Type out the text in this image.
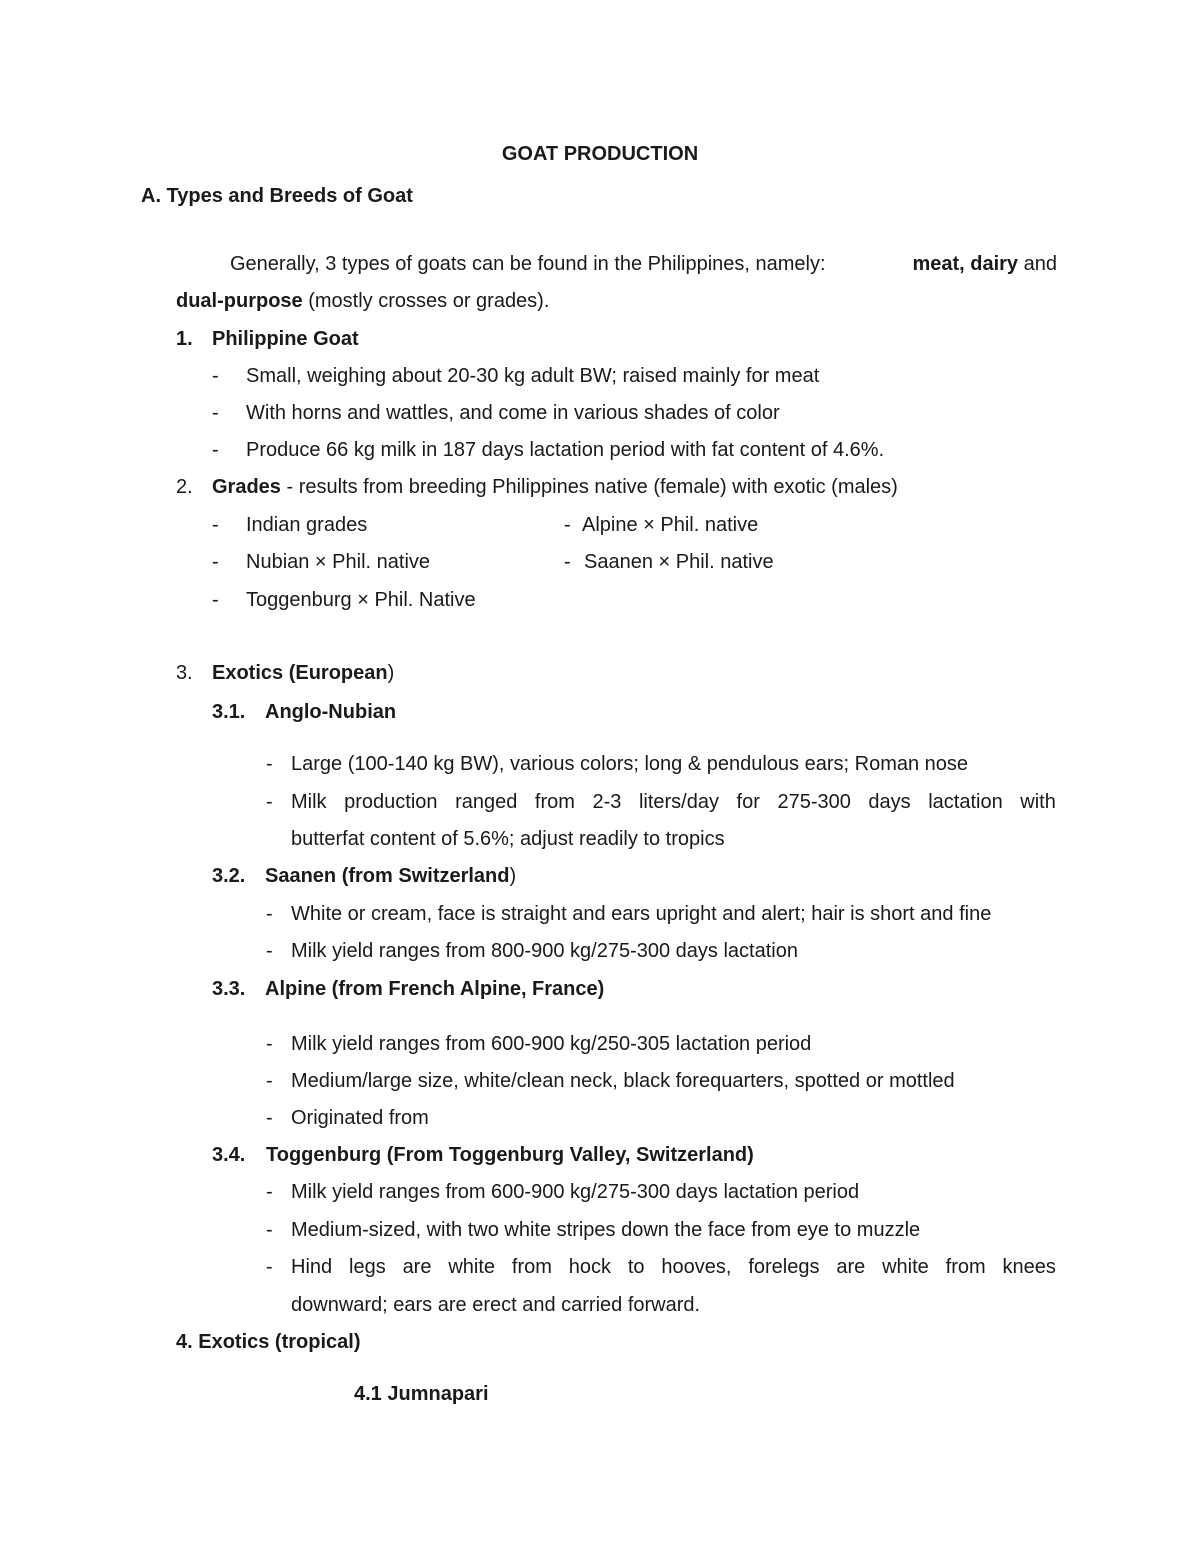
GOAT PRODUCTION
A. Types and Breeds of Goat
Generally, 3 types of goats can be found in the Philippines, namely:	meat, dairy and
dual-purpose (mostly crosses or grades).
1. Philippine Goat
- Small, weighing about 20-30 kg adult BW; raised mainly for meat
- With horns and wattles, and come in various shades of color
- Produce 66 kg milk in 187 days lactation period with fat content of 4.6%.
2. Grades - results from breeding Philippines native (female) with exotic (males)
- Indian grades	- Alpine × Phil. native
- Nubian × Phil. native	- Saanen × Phil. native
- Toggenburg × Phil. Native
3. Exotics (European)
3.1. Anglo-Nubian
- Large (100-140 kg BW), various colors; long & pendulous ears; Roman nose
- Milk production ranged from 2-3 liters/day for 275-300 days lactation with
butterfat content of 5.6%; adjust readily to tropics
3.2. Saanen (from Switzerland)
- White or cream, face is straight and ears upright and alert; hair is short and fine
- Milk yield ranges from 800-900 kg/275-300 days lactation
3.3. Alpine (from French Alpine, France)
- Milk yield ranges from 600-900 kg/250-305 lactation period
- Medium/large size, white/clean neck, black forequarters, spotted or mottled
- Originated from
3.4. Toggenburg (From Toggenburg Valley, Switzerland)
- Milk yield ranges from 600-900 kg/275-300 days lactation period
- Medium-sized, with two white stripes down the face from eye to muzzle
- Hind legs are white from hock to hooves, forelegs are white from knees
downward; ears are erect and carried forward.
4. Exotics (tropical)
4.1 Jumnapari
